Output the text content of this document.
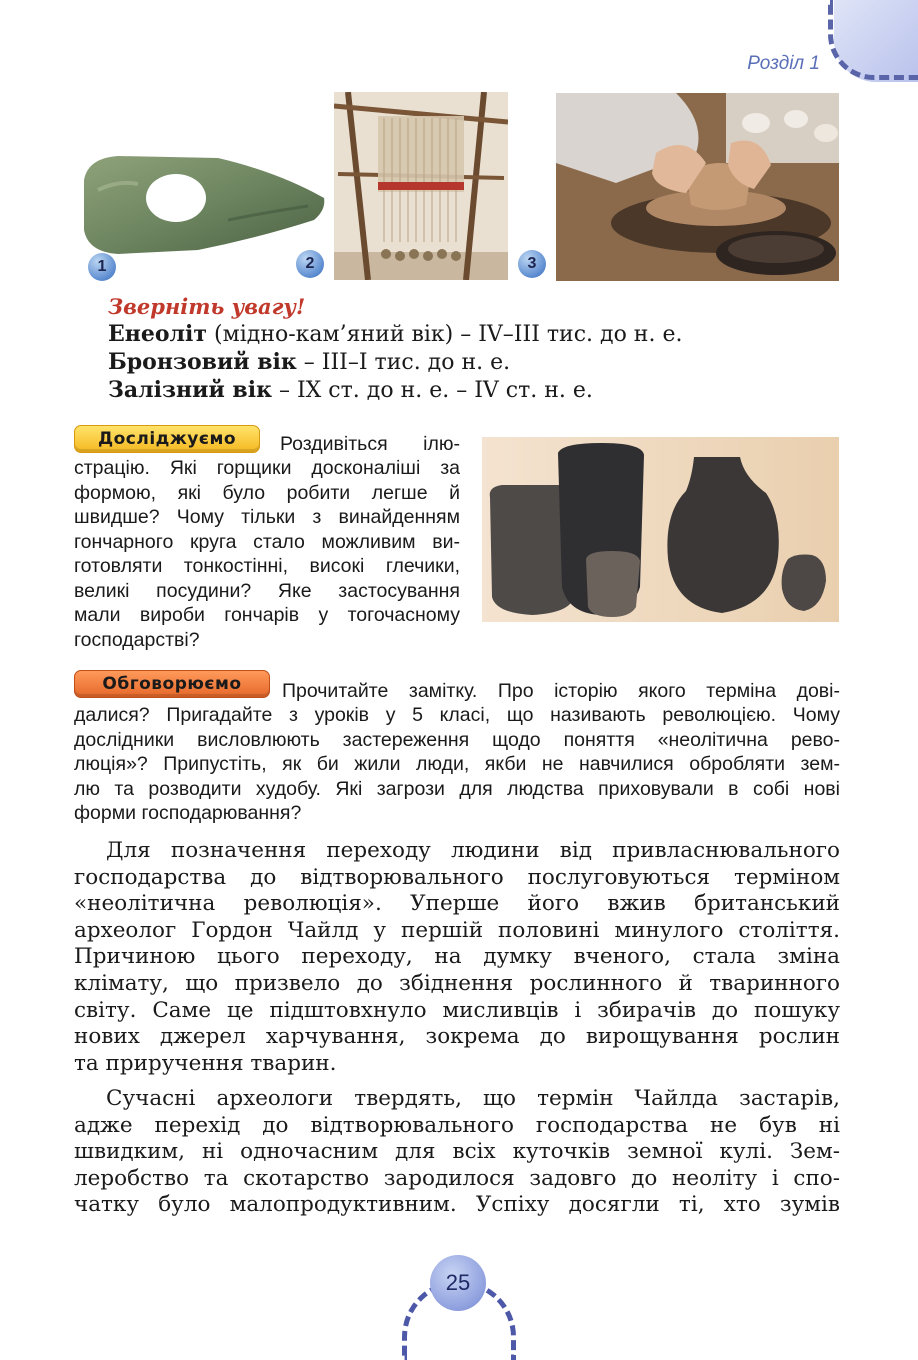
Розділ 1
1	2	3
Зверніть увагу!
Енеоліт (мідно-кам’яний вік) – IV–III тис. до н. е.
Бронзовий вік – III–I тис. до н. е.
Залізний вік – IX ст. до н. е. – IV ст. н. е.
Досліджуємо	Роздивіться ілю-
страцію. Які горщики досконаліші за
формою, які було робити легше й
швидше? Чому тільки з винайденням
гончарного круга стало можливим ви-
готовляти тонкостінні, високі глечики,
великі посудини? Яке застосування
мали вироби гончарів у тогочасному
господарстві?
Обговорюємо	Прочитайте замітку. Про історію якого терміна дові-
далися? Пригадайте з уроків у 5 класі, що називають революцією. Чому
дослідники висловлюють застереження щодо поняття «неолітична рево-
люція»? Припустіть, як би жили люди, якби не навчилися обробляти зем-
лю та розводити худобу. Які загрози для людства приховували в собі нові
форми господарювання?
Для позначення переходу людини від привласнювального
господарства до відтворювального послуговуються терміном
«неолітична революція». Уперше його вжив британський
археолог Гордон Чайлд у першій половині минулого століття.
Причиною цього переходу, на думку вченого, стала зміна
клімату, що призвело до збіднення рослинного й тваринного
світу. Саме це підштовхнуло мисливців і збирачів до пошуку
нових джерел харчування, зокрема до вирощування рослин
та приручення тварин.
Сучасні археологи твердять, що термін Чайлда застарів,
адже перехід до відтворювального господарства не був ні
швидким, ні одночасним для всіх куточків земної кулі. Зем-
леробство та скотарство зародилося задовго до неоліту і спо-
чатку було малопродуктивним. Успіху досягли ті, хто зумів
25
